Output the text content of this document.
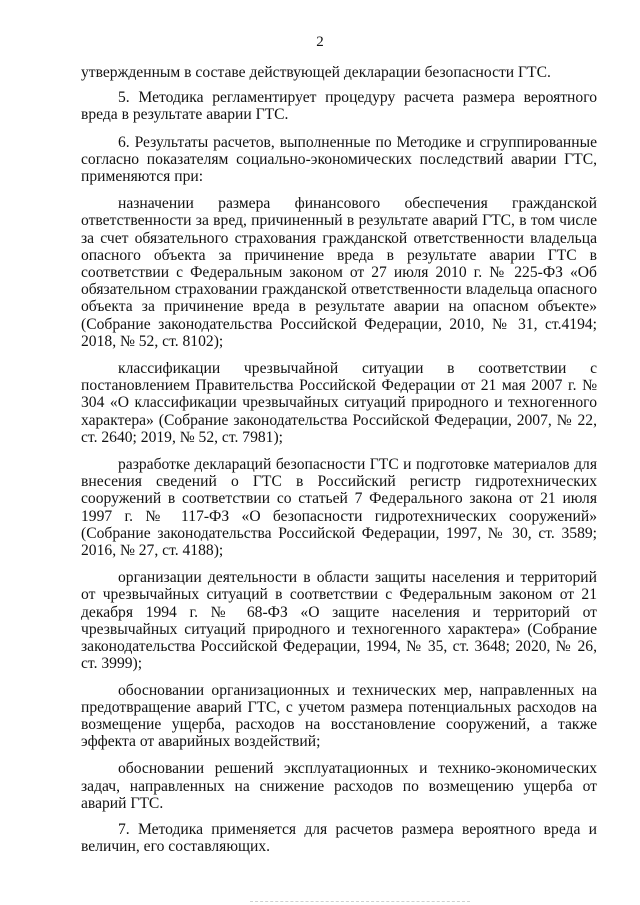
2

утвержденным в составе действующей декларации безопасности ГТС.

5. Методика регламентирует процедуру расчета размера вероятного вреда в результате аварии ГТС.

6. Результаты расчетов, выполненные по Методике и сгруппированные согласно показателям социально-экономических последствий аварии ГТС, применяются при:

назначении размера финансового обеспечения гражданской ответственности за вред, причиненный в результате аварий ГТС, в том числе за счет обязательного страхования гражданской ответственности владельца опасного объекта за причинение вреда в результате аварии ГТС в соответствии с Федеральным законом от 27 июля 2010 г. № 225-ФЗ «Об обязательном страховании гражданской ответственности владельца опасного объекта за причинение вреда в результате аварии на опасном объекте» (Собрание законодательства Российской Федерации, 2010, № 31, ст.4194; 2018, № 52, ст. 8102);

классификации чрезвычайной ситуации в соответствии с постановлением Правительства Российской Федерации от 21 мая 2007 г. № 304 «О классификации чрезвычайных ситуаций природного и техногенного характера» (Собрание законодательства Российской Федерации, 2007, № 22, ст. 2640; 2019, № 52, ст. 7981);

разработке деклараций безопасности ГТС и подготовке материалов для внесения сведений о ГТС в Российский регистр гидротехнических сооружений в соответствии со статьей 7 Федерального закона от 21 июля 1997 г. № 117-ФЗ «О безопасности гидротехнических сооружений» (Собрание законодательства Российской Федерации, 1997, № 30, ст. 3589; 2016, № 27, ст. 4188);

организации деятельности в области защиты населения и территорий от чрезвычайных ситуаций в соответствии с Федеральным законом от 21 декабря 1994 г. № 68-ФЗ «О защите населения и территорий от чрезвычайных ситуаций природного и техногенного характера» (Собрание законодательства Российской Федерации, 1994, № 35, ст. 3648; 2020, № 26, ст. 3999);

обосновании организационных и технических мер, направленных на предотвращение аварий ГТС, с учетом размера потенциальных расходов на возмещение ущерба, расходов на восстановление сооружений, а также эффекта от аварийных воздействий;

обосновании решений эксплуатационных и технико-экономических задач, направленных на снижение расходов по возмещению ущерба от аварий ГТС.

7. Методика применяется для расчетов размера вероятного вреда и величин, его составляющих.
